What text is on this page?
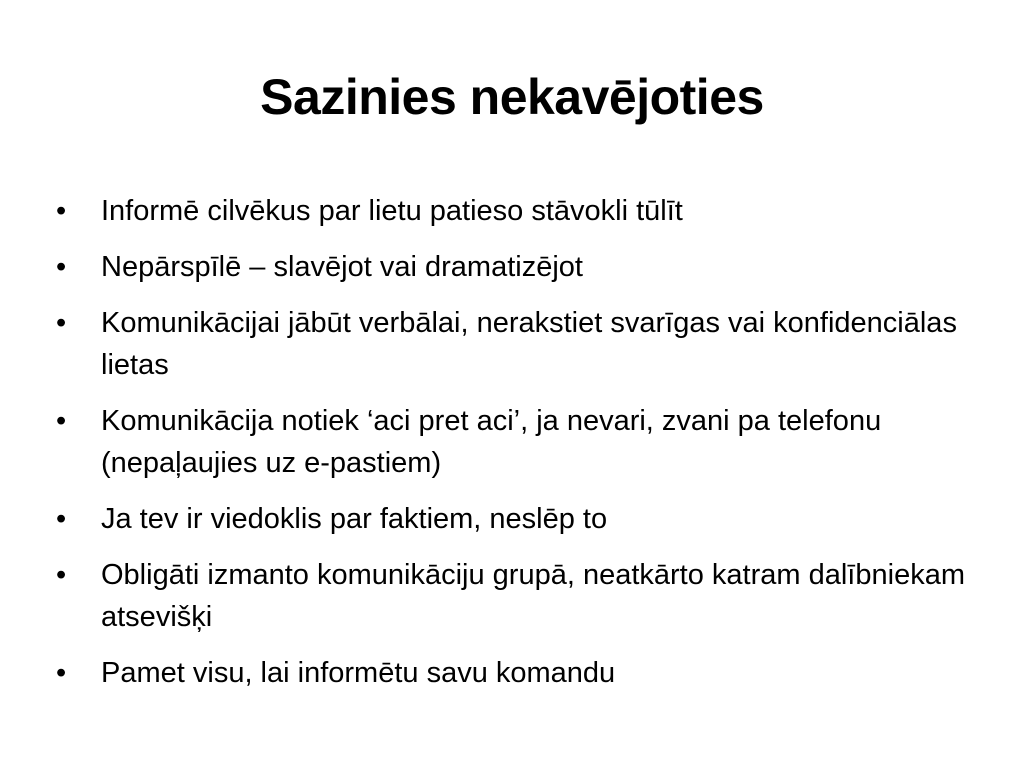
Sazinies nekavējoties
•	Informē cilvēkus par lietu patieso stāvokli tūlīt
•	Nepārspīlē – slavējot vai dramatizējot
•	Komunikācijai jābūt verbālai, nerakstiet svarīgas vai konfidenciālas lietas
•	Komunikācija notiek ‘aci pret aci’, ja nevari, zvani pa telefonu (nepaļaujies uz e-pastiem)
•	Ja tev ir viedoklis par faktiem, neslēp to
•	Obligāti izmanto komunikāciju grupā, neatkārto katram dalībniekam atsevišķi
•	Pamet visu, lai informētu savu komandu
